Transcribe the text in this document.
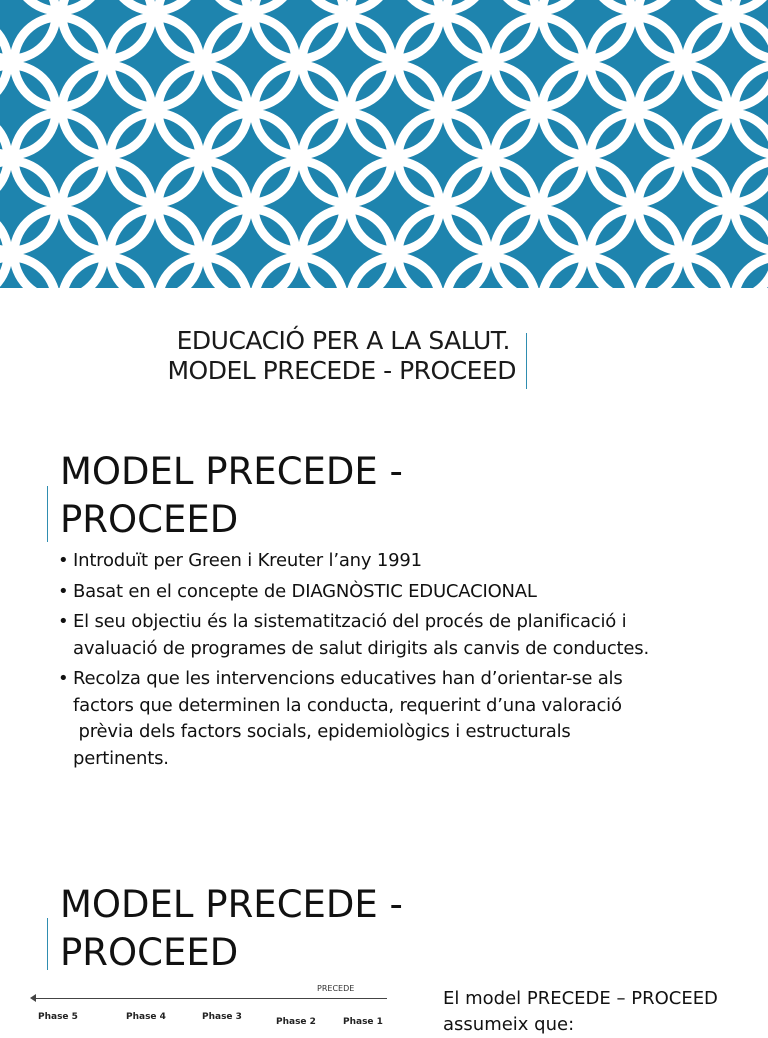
EDUCACIÓ PER A LA SALUT.
MODEL PRECEDE - PROCEED
MODEL PRECEDE -
PROCEED
• Introduït per Green i Kreuter l’any 1991
• Basat en el concepte de DIAGNÒSTIC EDUCACIONAL
• El seu objectiu és la sistematització del procés de planificació i
avaluació de programes de salut dirigits als canvis de conductes.
• Recolza que les intervencions educatives han d’orientar-se als
factors que determinen la conducta, requerint d’una valoració
prèvia dels factors socials, epidemiològics i estructurals
pertinents.
MODEL PRECEDE -
PROCEED
PRECEDE
Phase 5	Phase 4	Phase 3	Phase 2	Phase 1
El model PRECEDE – PROCEED
assumeix que:
